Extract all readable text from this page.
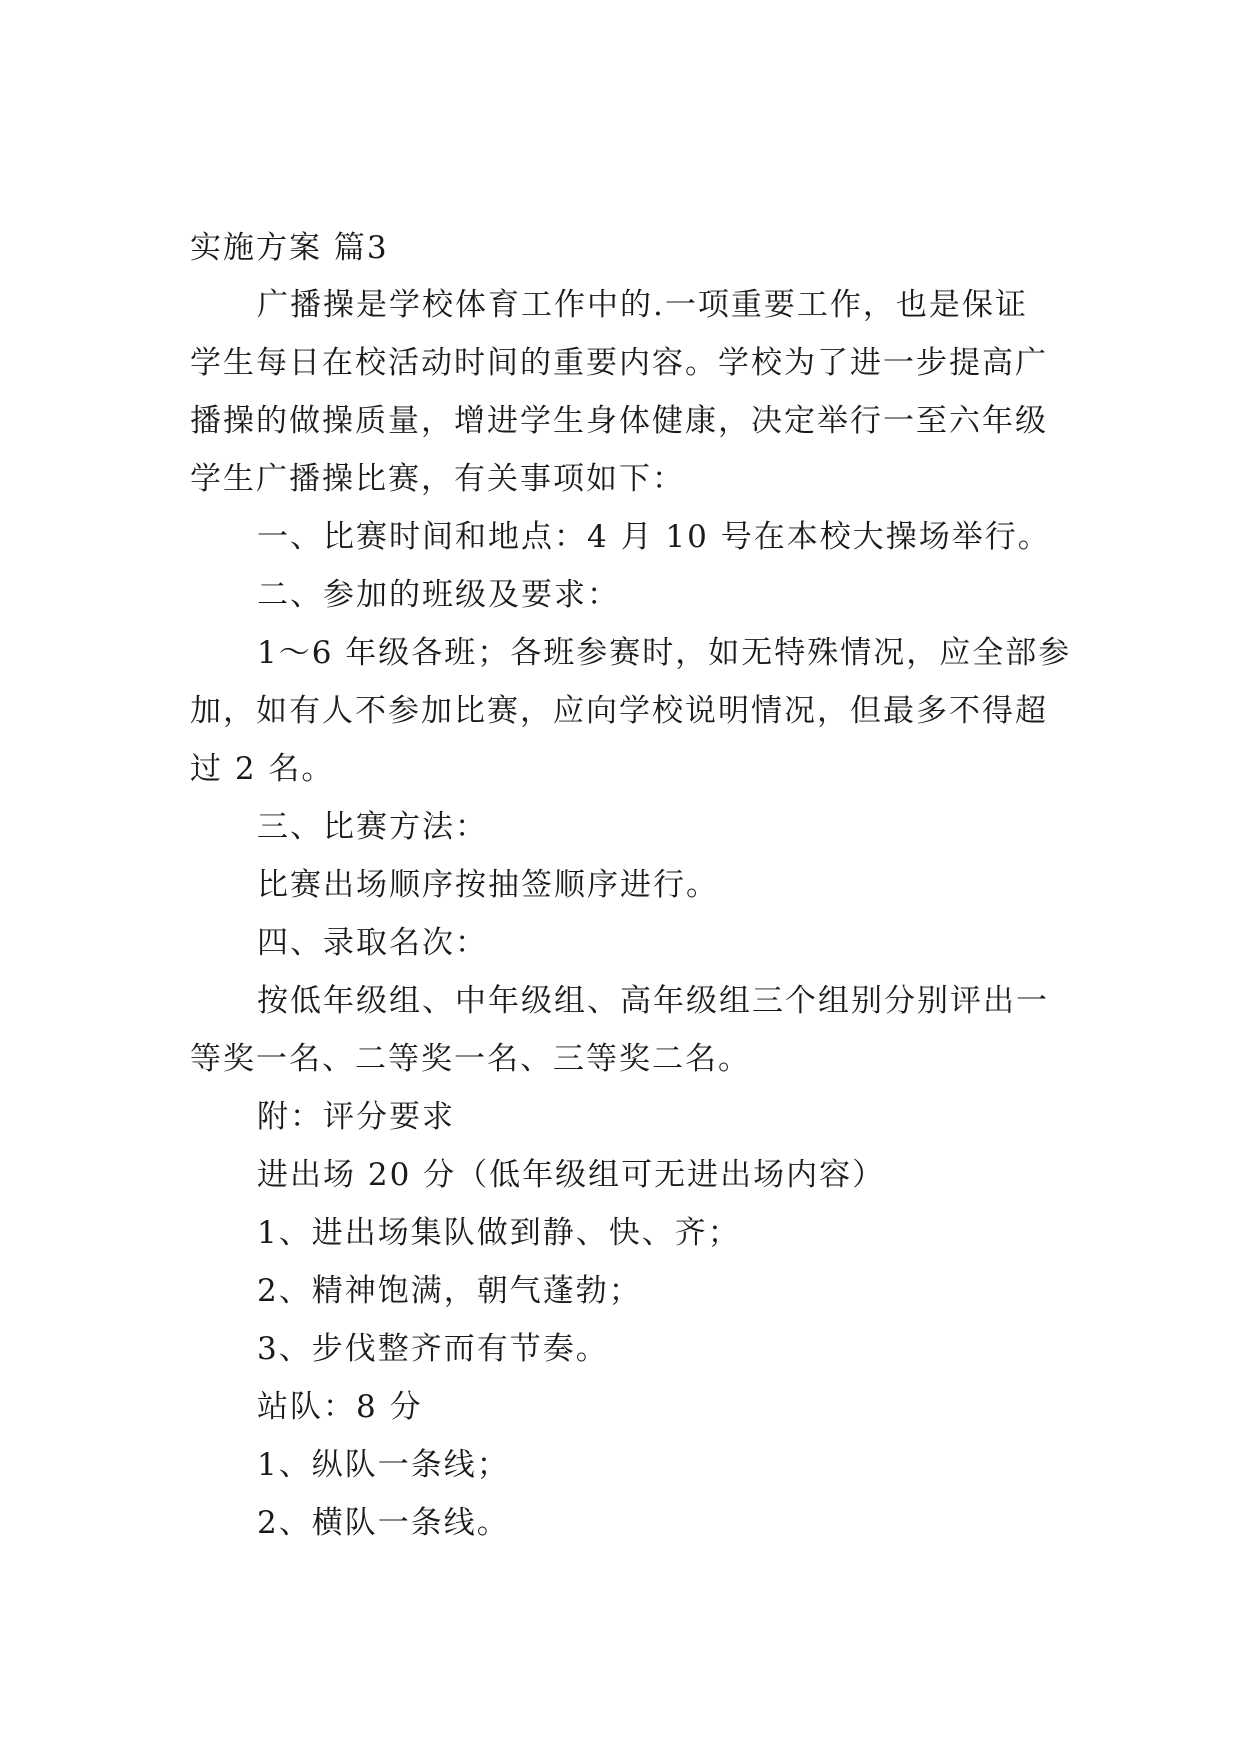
实施方案 篇3
广播操是学校体育工作中的.一项重要工作，也是保证
学生每日在校活动时间的重要内容。学校为了进一步提高广
播操的做操质量，增进学生身体健康，决定举行一至六年级
学生广播操比赛，有关事项如下：
一、比赛时间和地点：4 月 10 号在本校大操场举行。
二、参加的班级及要求：
1～6 年级各班；各班参赛时，如无特殊情况，应全部参
加，如有人不参加比赛，应向学校说明情况，但最多不得超
过 2 名。
三、比赛方法：
比赛出场顺序按抽签顺序进行。
四、录取名次：
按低年级组、中年级组、高年级组三个组别分别评出一
等奖一名、二等奖一名、三等奖二名。
附：评分要求
进出场 20 分（低年级组可无进出场内容）
1、进出场集队做到静、快、齐；
2、精神饱满，朝气蓬勃；
3、步伐整齐而有节奏。
站队：8 分
1、纵队一条线；
2、横队一条线。
